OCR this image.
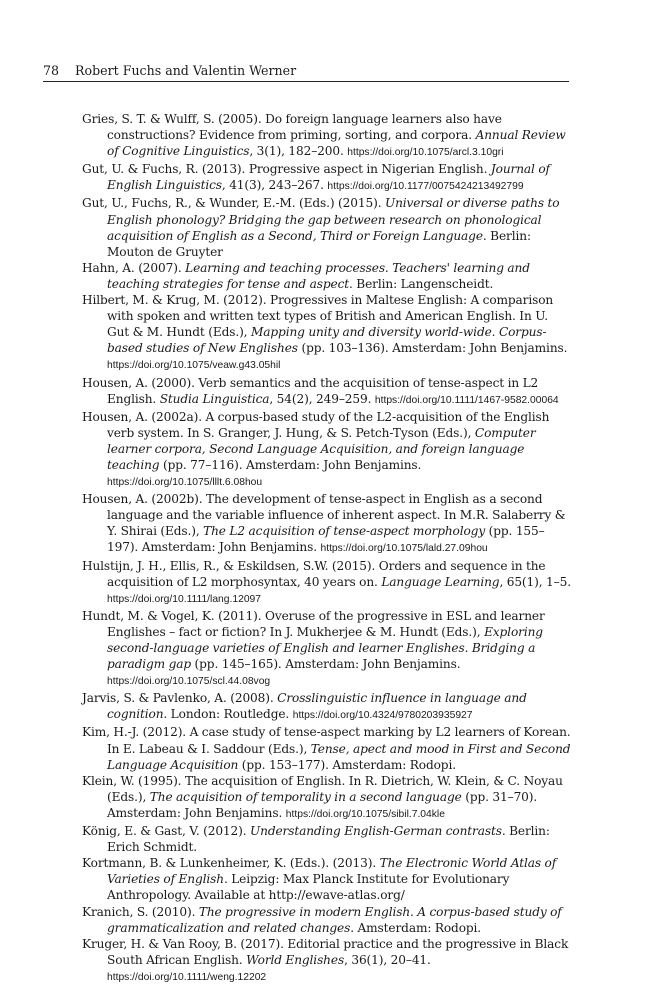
78 Robert Fuchs and Valentin Werner
Gries, S. T. & Wulff, S. (2005). Do foreign language learners also have constructions? Evidence from priming, sorting, and corpora. Annual Review of Cognitive Linguistics, 3(1), 182–200. https://doi.org/10.1075/arcl.3.10gri
Gut, U. & Fuchs, R. (2013). Progressive aspect in Nigerian English. Journal of English Linguistics, 41(3), 243–267. https://doi.org/10.1177/0075424213492799
Gut, U., Fuchs, R., & Wunder, E.-M. (Eds.) (2015). Universal or diverse paths to English phonology? Bridging the gap between research on phonological acquisition of English as a Second, Third or Foreign Language. Berlin: Mouton de Gruyter
Hahn, A. (2007). Learning and teaching processes. Teachers' learning and teaching strategies for tense and aspect. Berlin: Langenscheidt.
Hilbert, M. & Krug, M. (2012). Progressives in Maltese English: A comparison with spoken and written text types of British and American English. In U. Gut & M. Hundt (Eds.), Mapping unity and diversity world-wide. Corpus-based studies of New Englishes (pp. 103–136). Amsterdam: John Benjamins. https://doi.org/10.1075/veaw.g43.05hil
Housen, A. (2000). Verb semantics and the acquisition of tense-aspect in L2 English. Studia Linguistica, 54(2), 249–259. https://doi.org/10.1111/1467-9582.00064
Housen, A. (2002a). A corpus-based study of the L2-acquisition of the English verb system. In S. Granger, J. Hung, & S. Petch-Tyson (Eds.), Computer learner corpora, Second Language Acquisition, and foreign language teaching (pp. 77–116). Amsterdam: John Benjamins. https://doi.org/10.1075/lllt.6.08hou
Housen, A. (2002b). The development of tense-aspect in English as a second language and the variable influence of inherent aspect. In M.R. Salaberry & Y. Shirai (Eds.), The L2 acquisition of tense-aspect morphology (pp. 155–197). Amsterdam: John Benjamins. https://doi.org/10.1075/lald.27.09hou
Hulstijn, J. H., Ellis, R., & Eskildsen, S.W. (2015). Orders and sequence in the acquisition of L2 morphosyntax, 40 years on. Language Learning, 65(1), 1–5. https://doi.org/10.1111/lang.12097
Hundt, M. & Vogel, K. (2011). Overuse of the progressive in ESL and learner Englishes – fact or fiction? In J. Mukherjee & M. Hundt (Eds.), Exploring second-language varieties of English and learner Englishes. Bridging a paradigm gap (pp. 145–165). Amsterdam: John Benjamins. https://doi.org/10.1075/scl.44.08vog
Jarvis, S. & Pavlenko, A. (2008). Crosslinguistic influence in language and cognition. London: Routledge. https://doi.org/10.4324/9780203935927
Kim, H.-J. (2012). A case study of tense-aspect marking by L2 learners of Korean. In E. Labeau & I. Saddour (Eds.), Tense, apect and mood in First and Second Language Acquisition (pp. 153–177). Amsterdam: Rodopi.
Klein, W. (1995). The acquisition of English. In R. Dietrich, W. Klein, & C. Noyau (Eds.), The acquisition of temporality in a second language (pp. 31–70). Amsterdam: John Benjamins. https://doi.org/10.1075/sibil.7.04kle
König, E. & Gast, V. (2012). Understanding English-German contrasts. Berlin: Erich Schmidt.
Kortmann, B. & Lunkenheimer, K. (Eds.). (2013). The Electronic World Atlas of Varieties of English. Leipzig: Max Planck Institute for Evolutionary Anthropology. Available at http://ewave-atlas.org/
Kranich, S. (2010). The progressive in modern English. A corpus-based study of grammaticalization and related changes. Amsterdam: Rodopi.
Kruger, H. & Van Rooy, B. (2017). Editorial practice and the progressive in Black South African English. World Englishes, 36(1), 20–41. https://doi.org/10.1111/weng.12202
